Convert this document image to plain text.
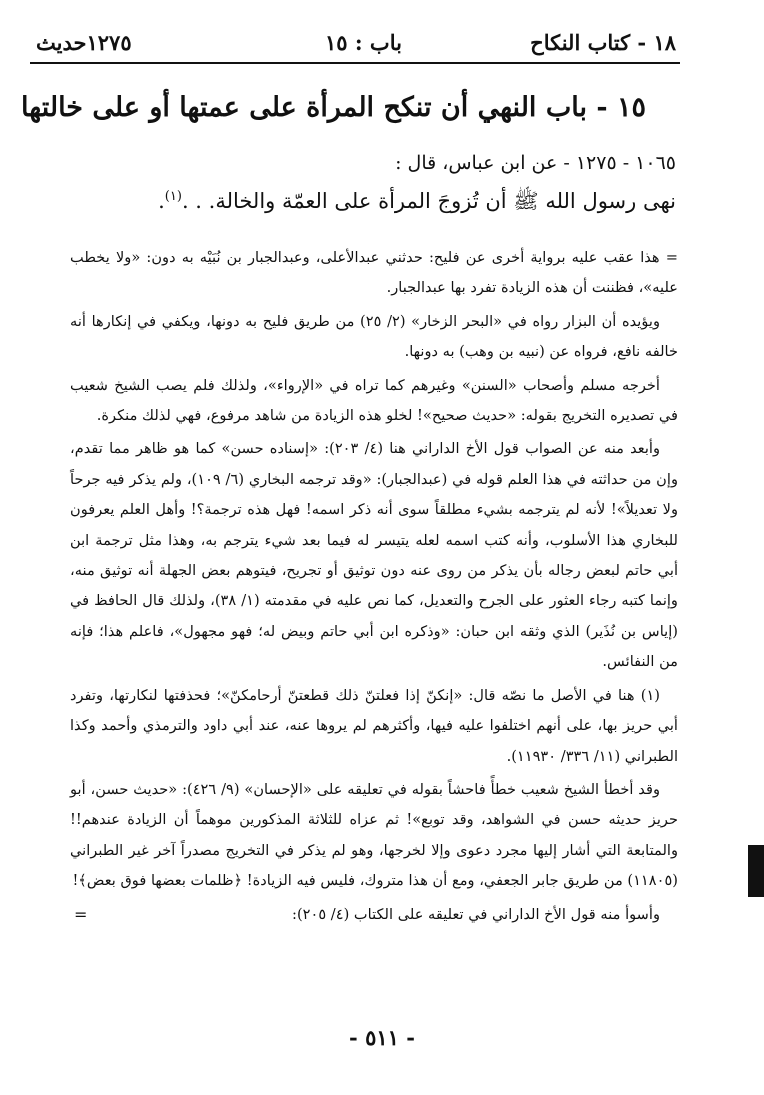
١٢٧٥حديث	باب : ١٥	١٨ - كتاب النكاح
١٥ - باب النهي أن تنكح المرأة على عمتها أو على خالتها
١٠٦٥ - ١٢٧٥ - عن ابن عباس، قال :
نهى رسول الله ﷺ أن تُزوجَ المرأة على العمّة والخالة. . .$^{(١)}$.

= هذا عقب عليه برواية أخرى عن فليح: حدثني عبدالأعلى، وعبدالجبار بن نُبَيْه به دون: «ولا يخطب عليه»، فظننت أن هذه الزيادة تفرد بها عبدالجبار.

ويؤيده أن البزار رواه في «البحر الزخار» (٢/ ٢٥) من طريق فليح به دونها، ويكفي في إنكارها أنه خالفه نافع، فرواه عن (نبيه بن وهب) به دونها.

أخرجه مسلم وأصحاب «السنن» وغيرهم كما تراه في «الإرواء»، ولذلك فلم يصب الشيخ شعيب في تصديره التخريج بقوله: «حديث صحيح»! لخلو هذه الزيادة من شاهد مرفوع، فهي لذلك منكرة.

وأبعد منه عن الصواب قول الأخ الداراني هنا (٤/ ٢٠٣): «إسناده حسن» كما هو ظاهر مما تقدم، وإن من حداثته في هذا العلم قوله في (عبدالجبار): «وقد ترجمه البخاري (٦/ ١٠٩)، ولم يذكر فيه جرحاً ولا تعديلاً»! لأنه لم يترجمه بشيء مطلقاً سوى أنه ذكر اسمه! فهل هذه ترجمة؟! وأهل العلم يعرفون للبخاري هذا الأسلوب، وأنه كتب اسمه لعله يتيسر له فيما بعد شيء يترجم به، وهذا مثل ترجمة ابن أبي حاتم لبعض رجاله بأن يذكر من روى عنه دون توثيق أو تجريح، فيتوهم بعض الجهلة أنه توثيق منه، وإنما كتبه رجاء العثور على الجرح والتعديل، كما نص عليه في مقدمته (١/ ٣٨)، ولذلك قال الحافظ في (إياس بن نُذَير) الذي وثقه ابن حبان: «وذكره ابن أبي حاتم وبيض له؛ فهو مجهول»، فاعلم هذا؛ فإنه من النفائس.

(١) هنا في الأصل ما نصّه قال: «إنكنّ إذا فعلتنّ ذلك قطعتنّ أرحامكنّ»؛ فحذفتها لنكارتها، وتفرد أبي حريز بها، على أنهم اختلفوا عليه فيها، وأكثرهم لم يروها عنه، عند أبي داود والترمذي وأحمد وكذا الطبراني (١١/ ٣٣٦/ ١١٩٣٠).

وقد أخطأ الشيخ شعيب خطأً فاحشاً بقوله في تعليقه على «الإحسان» (٩/ ٤٢٦): «حديث حسن، أبو حريز حديثه حسن في الشواهد، وقد توبع»! ثم عزاه للثلاثة المذكورين موهماً أن الزيادة عندهم!! والمتابعة التي أشار إليها مجرد دعوى وإلا لخرجها، وهو لم يذكر في التخريج مصدراً آخر غير الطبراني (١١٨٠٥) من طريق جابر الجعفي، ومع أن هذا متروك، فليس فيه الزيادة! ﴿ظلمات بعضها فوق بعض﴾!

وأسوأ منه قول الأخ الداراني في تعليقه على الكتاب (٤/ ٢٠٥):
=

- ٥١١ -
